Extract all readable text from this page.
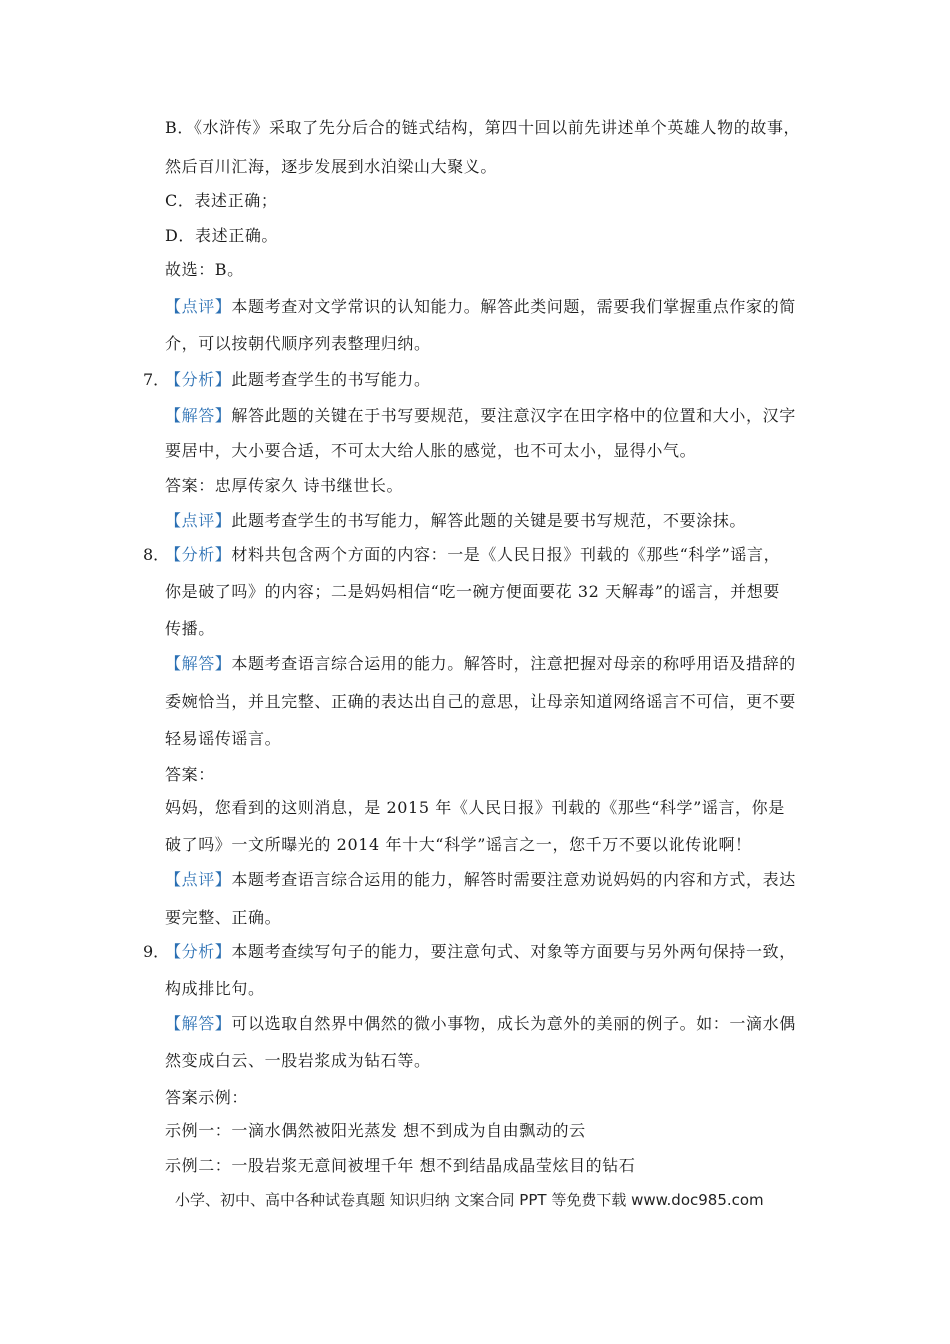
B．《水浒传》采取了先分后合的链式结构，第四十回以前先讲述单个英雄人物的故事，
然后百川汇海，逐步发展到水泊梁山大聚义。
C．表述正确；
D．表述正确。
故选：B。
【点评】本题考查对文学常识的认知能力。解答此类问题，需要我们掌握重点作家的简
介，可以按朝代顺序列表整理归纳。
7．
【分析】此题考查学生的书写能力。
【解答】解答此题的关键在于书写要规范，要注意汉字在田字格中的位置和大小，汉字
要居中，大小要合适，不可太大给人胀的感觉，也不可太小，显得小气。
答案：忠厚传家久 诗书继世长。
【点评】此题考查学生的书写能力，解答此题的关键是要书写规范，不要涂抹。
8．
【分析】材料共包含两个方面的内容：一是《人民日报》刊载的《那些“科学”谣言，
你是破了吗》的内容；二是妈妈相信“吃一碗方便面要花 32 天解毒”的谣言，并想要
传播。
【解答】本题考查语言综合运用的能力。解答时，注意把握对母亲的称呼用语及措辞的
委婉恰当，并且完整、正确的表达出自己的意思，让母亲知道网络谣言不可信，更不要
轻易谣传谣言。
答案：
妈妈，您看到的这则消息，是 2015 年《人民日报》刊载的《那些“科学”谣言，你是
破了吗》一文所曝光的 2014 年十大“科学”谣言之一，您千万不要以讹传讹啊！
【点评】本题考查语言综合运用的能力，解答时需要注意劝说妈妈的内容和方式，表达
要完整、正确。
9．
【分析】本题考查续写句子的能力，要注意句式、对象等方面要与另外两句保持一致，
构成排比句。
【解答】可以选取自然界中偶然的微小事物，成长为意外的美丽的例子。如：一滴水偶
然变成白云、一股岩浆成为钻石等。
答案示例：
示例一：一滴水偶然被阳光蒸发 想不到成为自由飘动的云
示例二：一股岩浆无意间被埋千年 想不到结晶成晶莹炫目的钻石
小学、初中、高中各种试卷真题 知识归纳 文案合同 PPT 等免费下载 www.doc985.com
